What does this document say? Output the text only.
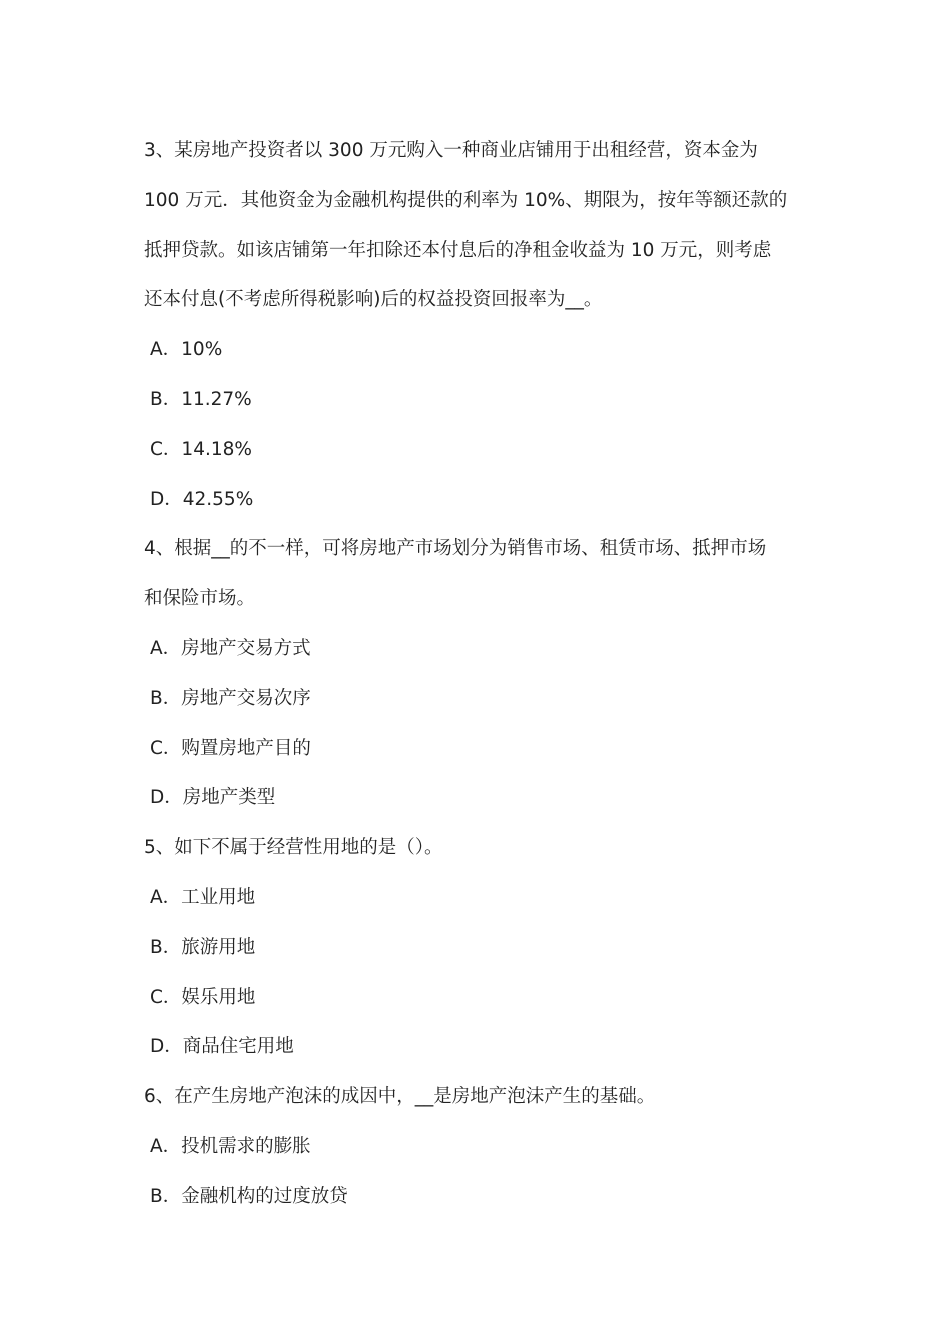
3、某房地产投资者以 300 万元购入一种商业店铺用于出租经营，资本金为
100 万元．其他资金为金融机构提供的利率为 10%、期限为，按年等额还款的
抵押贷款。如该店铺第一年扣除还本付息后的净租金收益为 10 万元，则考虑
还本付息(不考虑所得税影响)后的权益投资回报率为__。
A．10%
B．11.27%
C．14.18%
D．42.55%
4、根据__的不一样，可将房地产市场划分为销售市场、租赁市场、抵押市场
和保险市场。
A．房地产交易方式
B．房地产交易次序
C．购置房地产目的
D．房地产类型
5、如下不属于经营性用地的是（）。
A．工业用地
B．旅游用地
C．娱乐用地
D．商品住宅用地
6、在产生房地产泡沫的成因中，__是房地产泡沫产生的基础。
A．投机需求的膨胀
B．金融机构的过度放贷
